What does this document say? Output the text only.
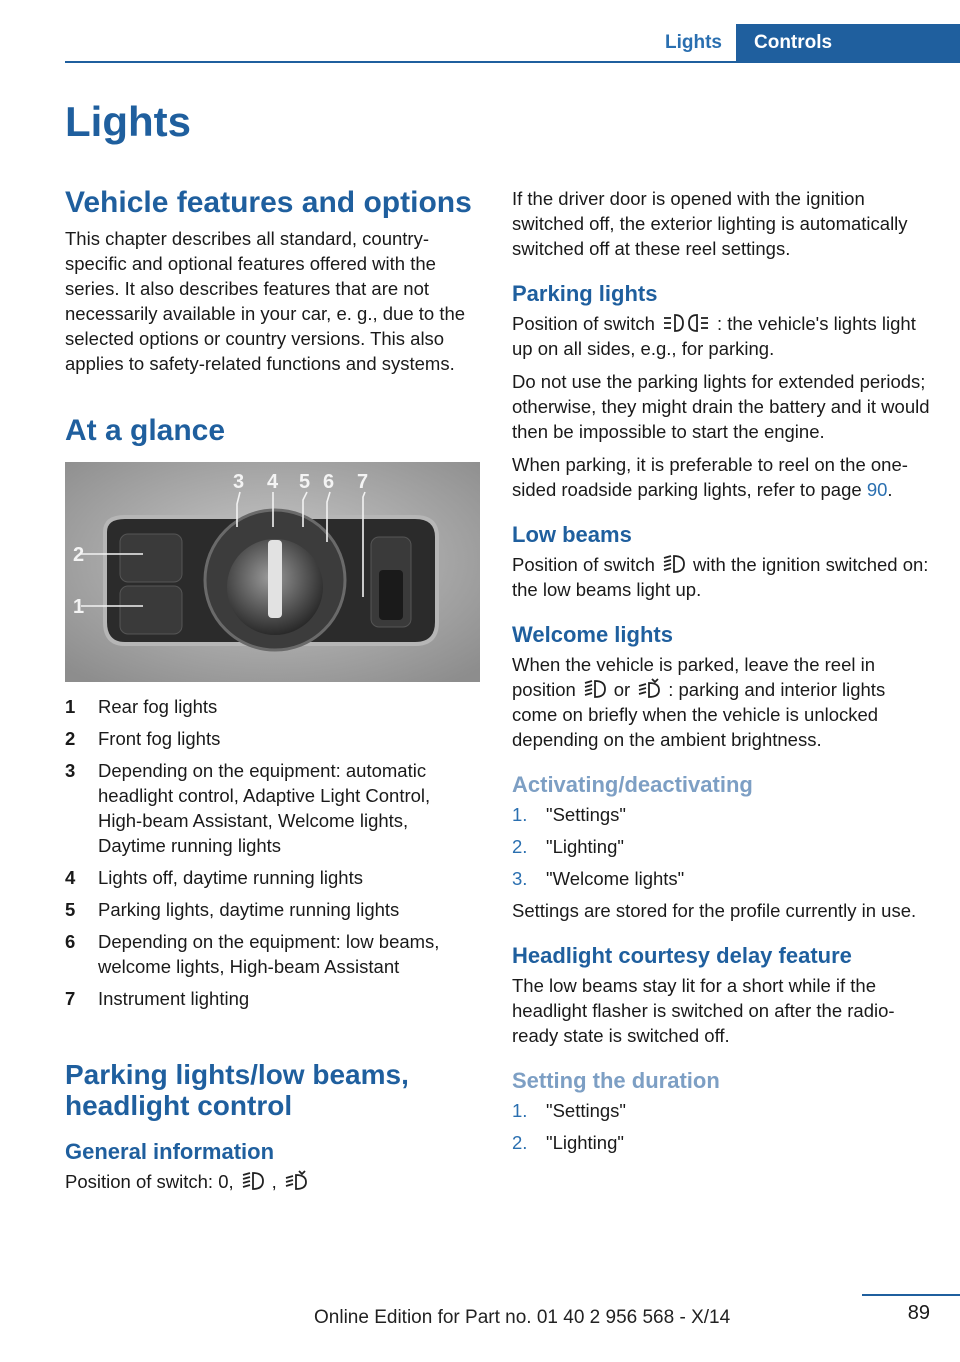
Lights	Controls
Lights
Vehicle features and options

This chapter describes all standard, country-specific and optional features offered with the series. It also describes features that are not necessarily available in your car, e. g., due to the selected options or country versions. This also applies to safety-related functions and systems.

At a glance
3 4 5 6 7
2
1
1	Rear fog lights
2	Front fog lights
3	Depending on the equipment: automatic headlight control, Adaptive Light Control, High-beam Assistant, Welcome lights, Daytime running lights
4	Lights off, daytime running lights
5	Parking lights, daytime running lights
6	Depending on the equipment: low beams, welcome lights, High-beam Assistant
7	Instrument lighting
Parking lights/low beams, headlight control
General information

Position of switch: 0, ,

If the driver door is opened with the ignition switched off, the exterior lighting is automatically switched off at these reel settings.

Parking lights

Position of switch	: the vehicle's lights light up on all sides, e.g., for parking.

Do not use the parking lights for extended periods; otherwise, they might drain the battery and it would then be impossible to start the engine.

When parking, it is preferable to reel on the one-sided roadside parking lights, refer to page 90.

Low beams

Position of switch with the ignition switched on: the low beams light up.

Welcome lights

When the vehicle is parked, leave the reel in position or : parking and interior lights come on briefly when the vehicle is unlocked depending on the ambient brightness.

Activating/deactivating
1.	"Settings"
2.	"Lighting"
3.	"Welcome lights"

Settings are stored for the profile currently in use.

Headlight courtesy delay feature

The low beams stay lit for a short while if the headlight flasher is switched on after the radio-ready state is switched off.

Setting the duration
1.	"Settings"
2.	"Lighting"
89
Online Edition for Part no. 01 40 2 956 568 - X/14
